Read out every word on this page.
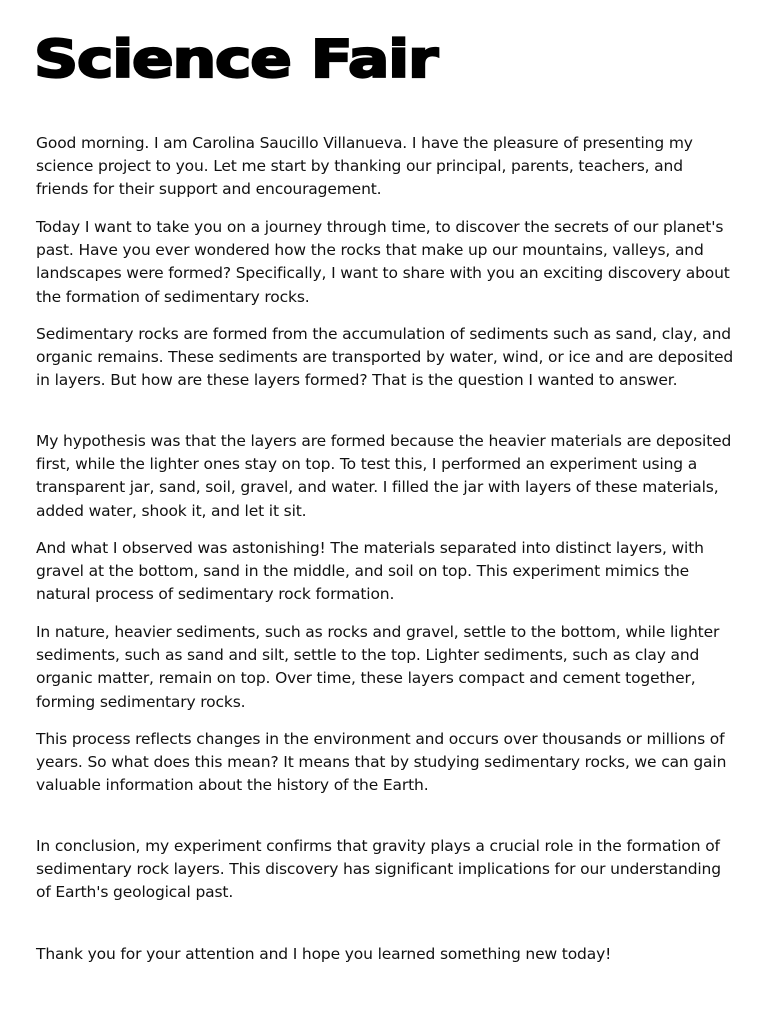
Science Fair

Good morning. I am Carolina Saucillo Villanueva. I have the pleasure of presenting my science project to you. Let me start by thanking our principal, parents, teachers, and friends for their support and encouragement.

Today I want to take you on a journey through time, to discover the secrets of our planet's past. Have you ever wondered how the rocks that make up our mountains, valleys, and landscapes were formed? Specifically, I want to share with you an exciting discovery about the formation of sedimentary rocks.

Sedimentary rocks are formed from the accumulation of sediments such as sand, clay, and organic remains. These sediments are transported by water, wind, or ice and are deposited in layers. But how are these layers formed? That is the question I wanted to answer.

My hypothesis was that the layers are formed because the heavier materials are deposited first, while the lighter ones stay on top. To test this, I performed an experiment using a transparent jar, sand, soil, gravel, and water. I filled the jar with layers of these materials, added water, shook it, and let it sit.

And what I observed was astonishing! The materials separated into distinct layers, with gravel at the bottom, sand in the middle, and soil on top. This experiment mimics the natural process of sedimentary rock formation.

In nature, heavier sediments, such as rocks and gravel, settle to the bottom, while lighter sediments, such as sand and silt, settle to the top. Lighter sediments, such as clay and organic matter, remain on top. Over time, these layers compact and cement together, forming sedimentary rocks.

This process reflects changes in the environment and occurs over thousands or millions of years. So what does this mean? It means that by studying sedimentary rocks, we can gain valuable information about the history of the Earth.

In conclusion, my experiment confirms that gravity plays a crucial role in the formation of sedimentary rock layers. This discovery has significant implications for our understanding of Earth's geological past.

Thank you for your attention and I hope you learned something new today!
